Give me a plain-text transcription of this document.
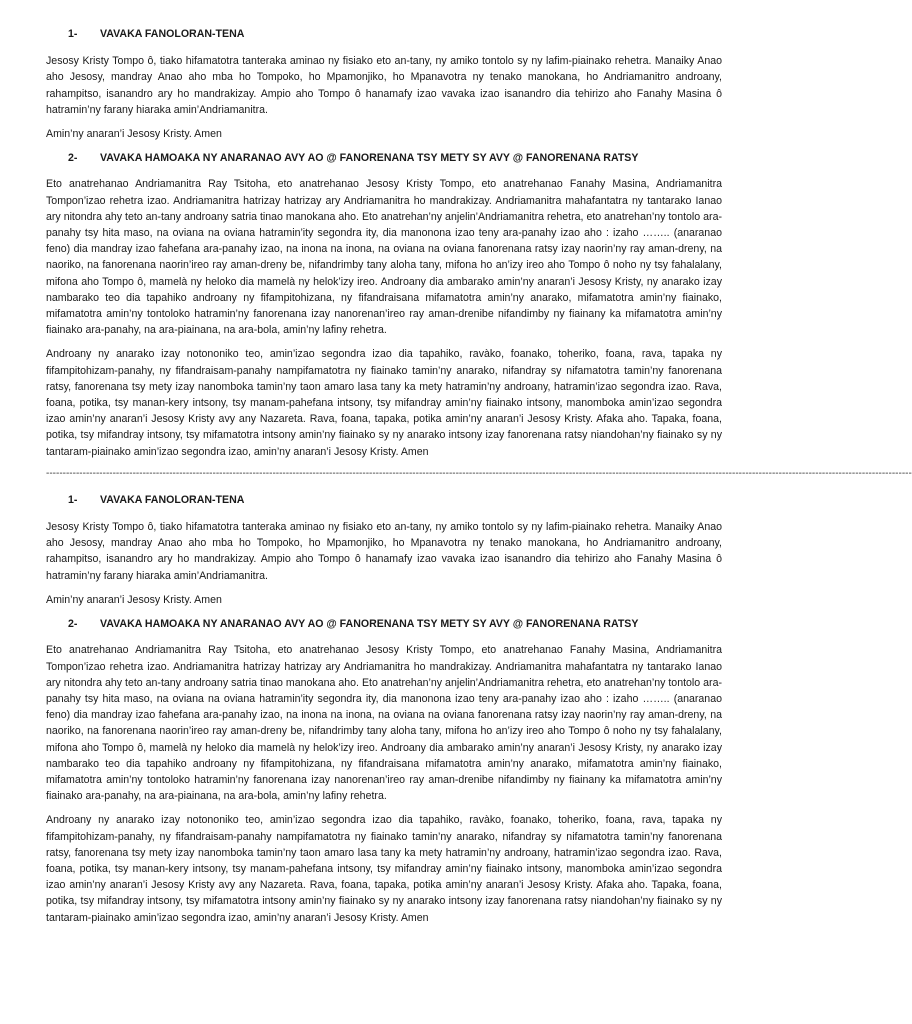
1-	VAVAKA FANOLORAN-TENA

Jesosy Kristy Tompo ô, tiako hifamatotra tanteraka aminao ny fisiako eto an-tany, ny amiko tontolo sy ny lafim-piainako rehetra. Manaiky Anao aho Jesosy, mandray Anao aho mba ho Tompoko, ho Mpamonjiko, ho Mpanavotra ny tenako manokana, ho Andriamanitro androany, rahampitso, isanandro ary ho mandrakizay. Ampio aho Tompo ô hanamafy izao vavaka izao isanandro dia tehirizo aho Fanahy Masina ô hatramin’ny farany hiaraka amin’Andriamanitra.

Amin’ny anaran’i Jesosy Kristy. Amen

2-	VAVAKA HAMOAKA NY ANARANAO AVY AO @ FANORENANA TSY METY SY AVY @ FANORENANA RATSY

Eto anatrehanao Andriamanitra Ray Tsitoha, eto anatrehanao Jesosy Kristy Tompo, eto anatrehanao Fanahy Masina, Andriamanitra Tompon’izao rehetra izao. Andriamanitra hatrizay hatrizay ary Andriamanitra ho mandrakizay. Andriamanitra mahafantatra ny tantarako Ianao ary nitondra ahy teto an-tany androany satria tinao manokana aho. Eto anatrehan’ny anjelin’Andriamanitra rehetra, eto anatrehan’ny tontolo ara-panahy tsy hita maso, na oviana na oviana hatramin’ity segondra ity, dia manonona izao teny ara-panahy izao aho : izaho …….. (anaranao feno) dia mandray izao fahefana ara-panahy izao, na inona na inona, na oviana na oviana fanorenana ratsy izay naorin’ny ray aman-dreny, na naoriko, na fanorenana naorin’ireo ray aman-dreny be, nifandrimby tany aloha tany, mifona ho an’izy ireo aho Tompo ô noho ny tsy fahalalany, mifona aho Tompo ô, mamelà ny heloko dia mamelà ny helok’izy ireo. Androany dia ambarako amin’ny anaran’i Jesosy Kristy, ny anarako izay nambarako teo dia tapahiko androany ny fifampitohizana, ny fifandraisana mifamatotra amin’ny anarako, mifamatotra amin’ny fiainako, mifamatotra amin’ny tontoloko hatramin’ny fanorenana izay nanorenan’ireo ray aman-drenibe nifandimby ny fiainany ka mifamatotra amin’ny fiainako ara-panahy, na ara-piainana, na ara-bola, amin’ny lafiny rehetra.

Androany ny anarako izay notononiko teo, amin’izao segondra izao dia tapahiko, ravàko, foanako, toheriko, foana, rava, tapaka ny fifampitohizam-panahy, ny fifandraisam-panahy nampifamatotra ny fiainako tamin’ny anarako, nifandray sy nifamatotra tamin’ny fanorenana ratsy, fanorenana tsy mety izay nanomboka tamin’ny taon amaro lasa tany ka mety hatramin’ny androany, hatramin’izao segondra izao. Rava, foana, potika, tsy manan-kery intsony, tsy manam-pahefana intsony, tsy mifandray amin’ny fiainako intsony, manomboka amin’izao segondra izao amin’ny anaran’i Jesosy Kristy avy any Nazareta. Rava, foana, tapaka, potika amin’ny anaran’i Jesosy Kristy. Afaka aho. Tapaka, foana, potika, tsy mifandray intsony, tsy mifamatotra intsony amin’ny fiainako sy ny anarako intsony izay fanorenana ratsy niandohan’ny fiainako sy ny tantaram-piainako amin’izao segondra izao, amin’ny anaran’i Jesosy Kristy. Amen

--------------------------------------------------------------------------------------------------------------------------------------------------------------------------------------------------------------------------------------------------------------------
1-	VAVAKA FANOLORAN-TENA

Jesosy Kristy Tompo ô, tiako hifamatotra tanteraka aminao ny fisiako eto an-tany, ny amiko tontolo sy ny lafim-piainako rehetra. Manaiky Anao aho Jesosy, mandray Anao aho mba ho Tompoko, ho Mpamonjiko, ho Mpanavotra ny tenako manokana, ho Andriamanitro androany, rahampitso, isanandro ary ho mandrakizay. Ampio aho Tompo ô hanamafy izao vavaka izao isanandro dia tehirizo aho Fanahy Masina ô hatramin’ny farany hiaraka amin’Andriamanitra.

Amin’ny anaran’i Jesosy Kristy. Amen

2-	VAVAKA HAMOAKA NY ANARANAO AVY AO @ FANORENANA TSY METY SY AVY @ FANORENANA RATSY

Eto anatrehanao Andriamanitra Ray Tsitoha, eto anatrehanao Jesosy Kristy Tompo, eto anatrehanao Fanahy Masina, Andriamanitra Tompon’izao rehetra izao. Andriamanitra hatrizay hatrizay ary Andriamanitra ho mandrakizay. Andriamanitra mahafantatra ny tantarako Ianao ary nitondra ahy teto an-tany androany satria tinao manokana aho. Eto anatrehan’ny anjelin’Andriamanitra rehetra, eto anatrehan’ny tontolo ara-panahy tsy hita maso, na oviana na oviana hatramin’ity segondra ity, dia manonona izao teny ara-panahy izao aho : izaho …….. (anaranao feno) dia mandray izao fahefana ara-panahy izao, na inona na inona, na oviana na oviana fanorenana ratsy izay naorin’ny ray aman-dreny, na naoriko, na fanorenana naorin’ireo ray aman-dreny be, nifandrimby tany aloha tany, mifona ho an’izy ireo aho Tompo ô noho ny tsy fahalalany, mifona aho Tompo ô, mamelà ny heloko dia mamelà ny helok’izy ireo. Androany dia ambarako amin’ny anaran’i Jesosy Kristy, ny anarako izay nambarako teo dia tapahiko androany ny fifampitohizana, ny fifandraisana mifamatotra amin’ny anarako, mifamatotra amin’ny fiainako, mifamatotra amin’ny tontoloko hatramin’ny fanorenana izay nanorenan’ireo ray aman-drenibe nifandimby ny fiainany ka mifamatotra amin’ny fiainako ara-panahy, na ara-piainana, na ara-bola, amin’ny lafiny rehetra.

Androany ny anarako izay notononiko teo, amin’izao segondra izao dia tapahiko, ravàko, foanako, toheriko, foana, rava, tapaka ny fifampitohizam-panahy, ny fifandraisam-panahy nampifamatotra ny fiainako tamin’ny anarako, nifandray sy nifamatotra tamin’ny fanorenana ratsy, fanorenana tsy mety izay nanomboka tamin’ny taon amaro lasa tany ka mety hatramin’ny androany, hatramin’izao segondra izao. Rava, foana, potika, tsy manan-kery intsony, tsy manam-pahefana intsony, tsy mifandray amin’ny fiainako intsony, manomboka amin’izao segondra izao amin’ny anaran’i Jesosy Kristy avy any Nazareta. Rava, foana, tapaka, potika amin’ny anaran’i Jesosy Kristy. Afaka aho. Tapaka, foana, potika, tsy mifandray intsony, tsy mifamatotra intsony amin’ny fiainako sy ny anarako intsony izay fanorenana ratsy niandohan’ny fiainako sy ny tantaram-piainako amin’izao segondra izao, amin’ny anaran’i Jesosy Kristy. Amen
